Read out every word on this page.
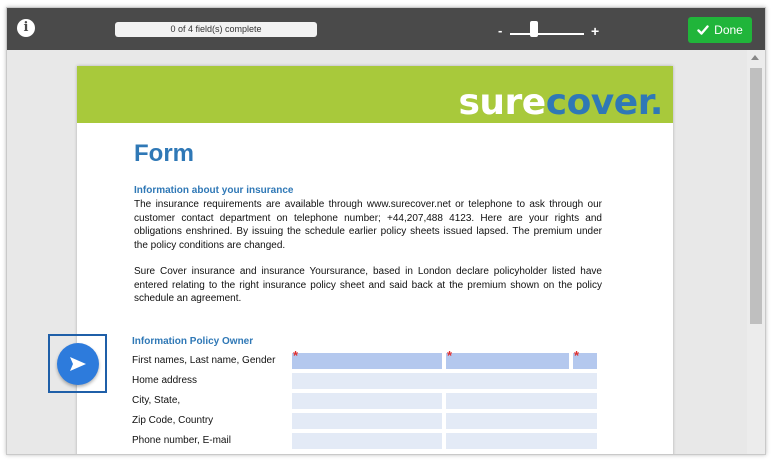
i	0 of 4 field(s) complete	-	+	Done
surecover.
Form
Information about your insurance

The insurance requirements are available through www.surecover.net or telephone to ask through our customer contact department on telephone number; +44,207,488 4123. Here are your rights and obligations enshrined. By issuing the schedule earlier policy sheets issued lapsed. The premium under the policy conditions are changed.

Sure Cover insurance and insurance Yoursurance, based in London declare policyholder listed have entered relating to the right insurance policy sheet and said back at the premium shown on the policy schedule an agreement.

Information Policy Owner
First names, Last name, Gender *	*	*
Home address
City, State,
Zip Code, Country
Phone number, E-mail
